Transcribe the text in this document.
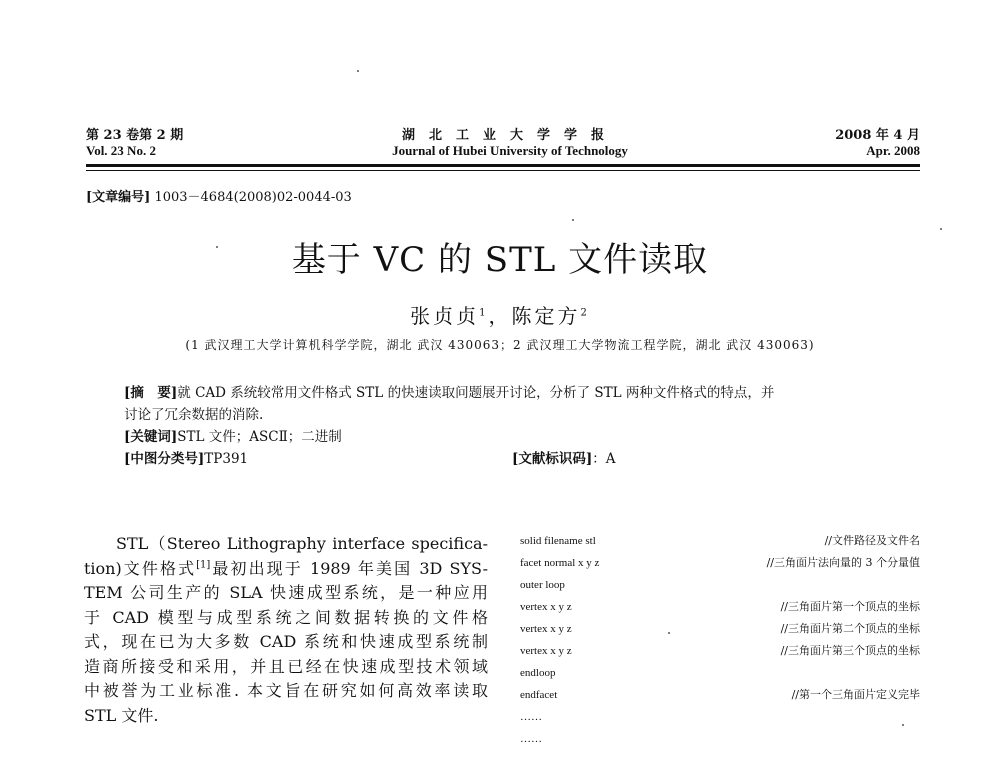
第 23 卷第 2 期
Vol. 23 No. 2
湖北工业大学学报
Journal of Hubei University of Technology
2008 年 4 月
Apr. 2008
[文章编号] 1003－4684(2008)02-0044-03
基于 VC 的 STL 文件读取
张贞贞$^1$，陈定方$^2$
(1 武汉理工大学计算机科学学院，湖北 武汉 430063；2 武汉理工大学物流工程学院，湖北 武汉 430063)
[摘　要]就 CAD 系统较常用文件格式 STL 的快速读取问题展开讨论，分析了 STL 两种文件格式的特点，并
讨论了冗余数据的消除.
[关键词]STL 文件；ASCⅡ；二进制
[中图分类号]TP391	[文献标识码]：A
STL（Stereo Lithography interface specifica-
tion)文件格式[1]最初出现于 1989 年美国 3D SYS-
TEM 公司生产的 SLA 快速成型系统，是一种应用
于 CAD 模型与成型系统之间数据转换的文件格
式，现在已为大多数 CAD 系统和快速成型系统制
造商所接受和采用，并且已经在快速成型技术领域
中被誉为工业标准. 本文旨在研究如何高效率读取
STL 文件.
solid filename stl	//文件路径及文件名
facet normal x y z	//三角面片法向量的 3 个分量值
outer loop
vertex x y z	//三角面片第一个顶点的坐标
vertex x y z	//三角面片第二个顶点的坐标
vertex x y z	//三角面片第三个顶点的坐标
endloop
endfacet	//第一个三角面片定义完毕
……
……
